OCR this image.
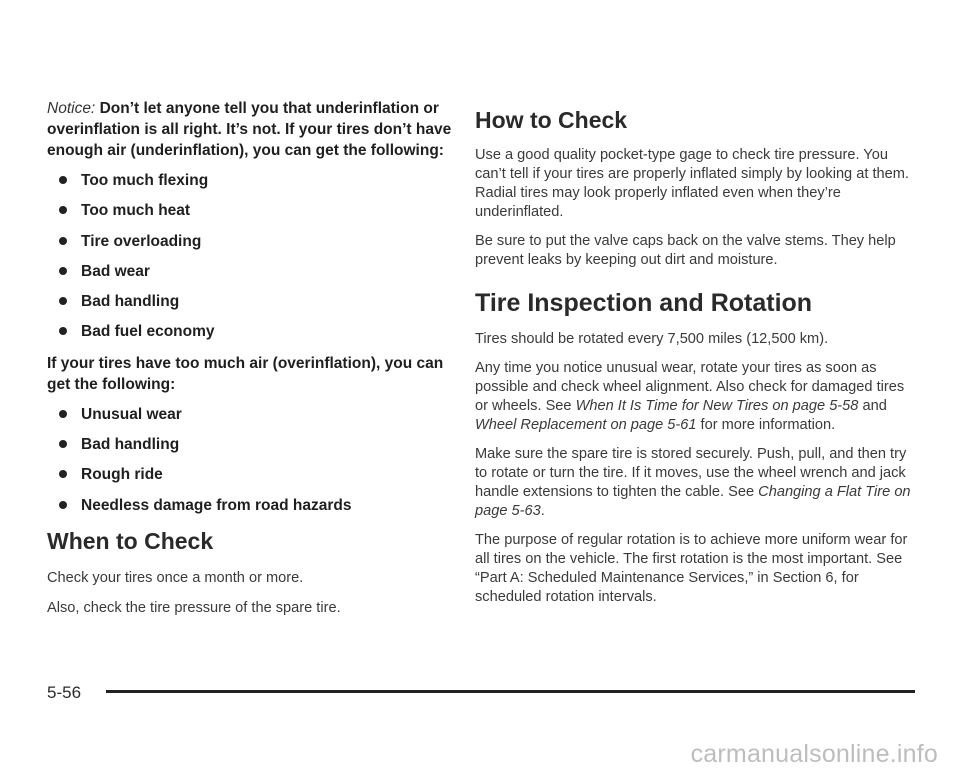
Notice: Don’t let anyone tell you that underinflation or overinflation is all right. It’s not. If your tires don’t have enough air (underinflation), you can get the following:

Too much flexing
Too much heat
Tire overloading
Bad wear
Bad handling
Bad fuel economy

If your tires have too much air (overinflation), you can get the following:

Unusual wear
Bad handling
Rough ride
Needless damage from road hazards
When to Check

Check your tires once a month or more.

Also, check the tire pressure of the spare tire.

How to Check

Use a good quality pocket-type gage to check tire pressure. You can’t tell if your tires are properly inflated simply by looking at them. Radial tires may look properly inflated even when they’re underinflated.

Be sure to put the valve caps back on the valve stems. They help prevent leaks by keeping out dirt and moisture.

Tire Inspection and Rotation

Tires should be rotated every 7,500 miles (12,500 km).

Any time you notice unusual wear, rotate your tires as soon as possible and check wheel alignment. Also check for damaged tires or wheels. See When It Is Time for New Tires on page 5-58 and Wheel Replacement on page 5-61 for more information.

Make sure the spare tire is stored securely. Push, pull, and then try to rotate or turn the tire. If it moves, use the wheel wrench and jack handle extensions to tighten the cable. See Changing a Flat Tire on page 5-63.

The purpose of regular rotation is to achieve more uniform wear for all tires on the vehicle. The first rotation is the most important. See “Part A: Scheduled Maintenance Services,” in Section 6, for scheduled rotation intervals.

5-56
carmanualsonline.info
